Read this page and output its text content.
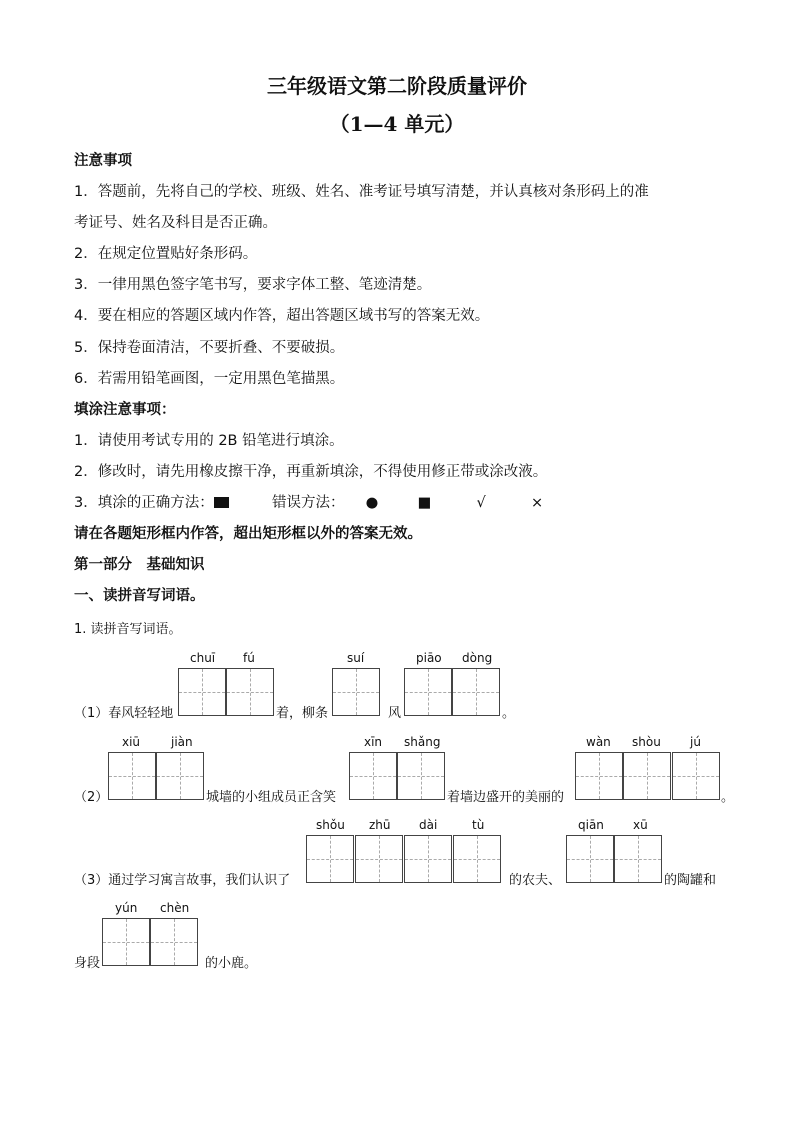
三年级语文第二阶段质量评价
（1—4 单元）
注意事项
1．答题前，先将自己的学校、班级、姓名、准考证号填写清楚，并认真核对条形码上的准
考证号、姓名及科目是否正确。
2．在规定位置贴好条形码。
3．一律用黑色签字笔书写，要求字体工整、笔迹清楚。
4．要在相应的答题区域内作答，超出答题区域书写的答案无效。
5．保持卷面清洁，不要折叠、不要破损。
6．若需用铅笔画图，一定用黑色笔描黑。
填涂注意事项：
1．请使用考试专用的 2B 铅笔进行填涂。
2．修改时，请先用橡皮擦干净，再重新填涂，不得使用修正带或涂改液。
3．填涂的正确方法：	错误方法： ●	■	√	×
请在各题矩形框内作答，超出矩形框以外的答案无效。
第一部分　基础知识
一、读拼音写词语。
1. 读拼音写词语。
chuī fú	suí	piāo dòng
（1）春风轻轻地	着，柳条	风	。
xiū	jiàn	xīn shǎng	wàn shòu jú
（2）	城墙的小组成员正含笑	着墙边盛开的美丽的	。
shǒu zhū dài	tù	qiān xū
（3）通过学习寓言故事，我们认识了	的农夫、	的陶罐和
yún chèn
身段	的小鹿。
